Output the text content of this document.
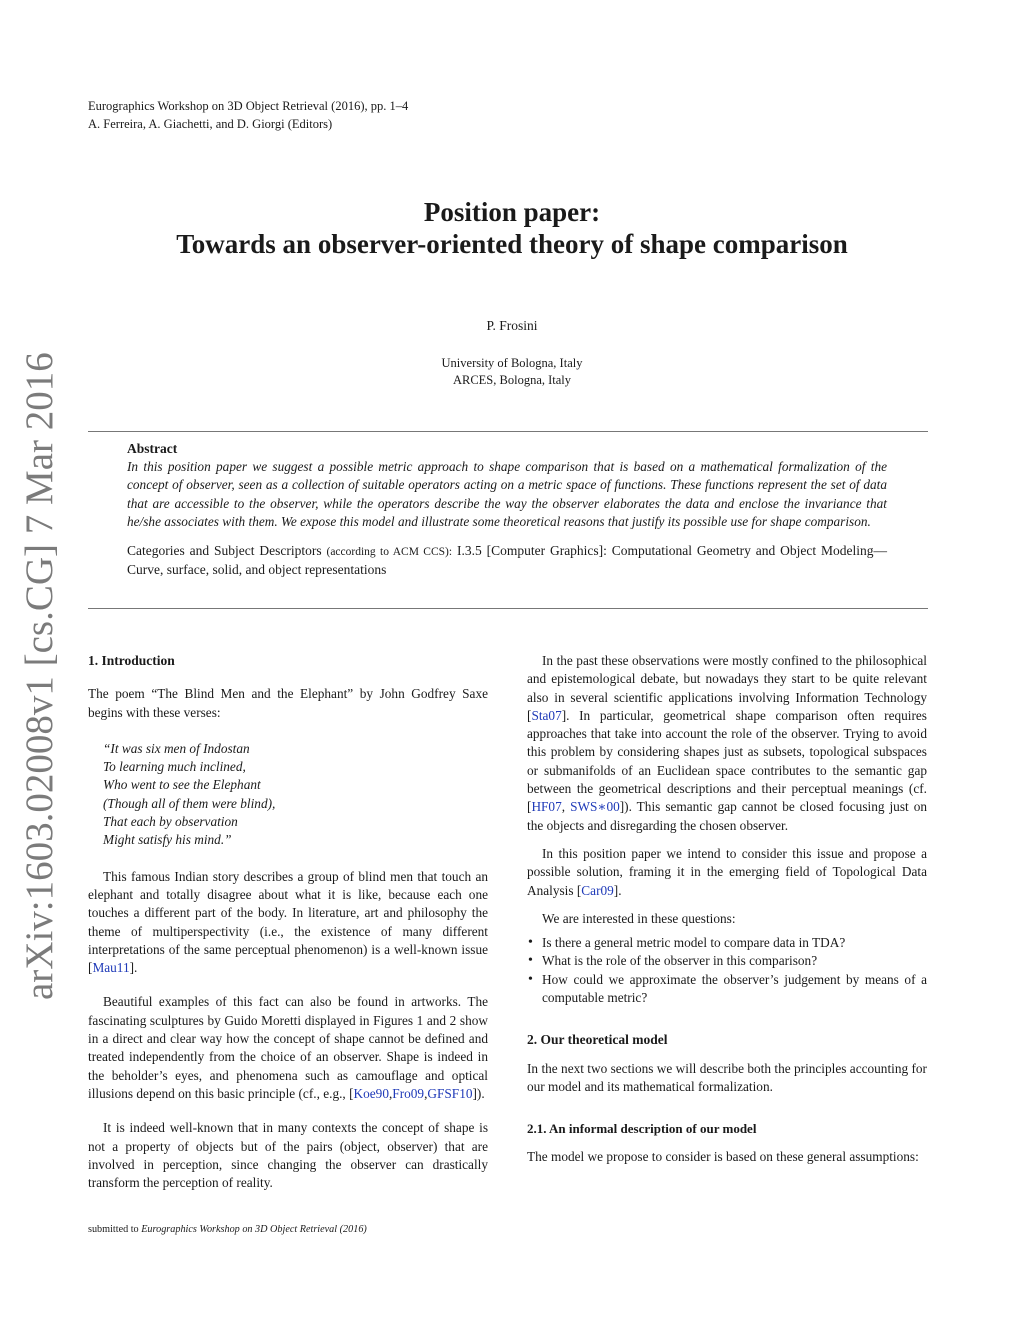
Eurographics Workshop on 3D Object Retrieval (2016), pp. 1–4
A. Ferreira, A. Giachetti, and D. Giorgi (Editors)
Position paper:
Towards an observer-oriented theory of shape comparison
P. Frosini
University of Bologna, Italy
ARCES, Bologna, Italy
Abstract

In this position paper we suggest a possible metric approach to shape comparison that is based on a mathematical formalization of the concept of observer, seen as a collection of suitable operators acting on a metric space of functions. These functions represent the set of data that are accessible to the observer, while the operators describe the way the observer elaborates the data and enclose the invariance that he/she associates with them. We expose this model and illustrate some theoretical reasons that justify its possible use for shape comparison.

Categories and Subject Descriptors (according to ACM CCS): I.3.5 [Computer Graphics]: Computational Geometry and Object Modeling—Curve, surface, solid, and object representations
arXiv:1603.02008v1 [cs.CG] 7 Mar 2016	1. Introduction

The poem “The Blind Men and the Elephant” by John Godfrey Saxe begins with these verses:

“It was six men of Indostan
To learning much inclined,
Who went to see the Elephant
(Though all of them were blind),
That each by observation
Might satisfy his mind.”

This famous Indian story describes a group of blind men that touch an elephant and totally disagree about what it is like, because each one touches a different part of the body. In literature, art and philosophy the theme of multiperspectivity (i.e., the existence of many different interpretations of the same perceptual phenomenon) is a well-known issue [Mau11].

Beautiful examples of this fact can also be found in artworks. The fascinating sculptures by Guido Moretti displayed in Figures 1 and 2 show in a direct and clear way how the concept of shape cannot be defined and treated independently from the choice of an observer. Shape is indeed in the beholder’s eyes, and phenomena such as camouflage and optical illusions depend on this basic principle (cf., e.g., [Koe90,Fro09,GFSF10]).

It is indeed well-known that in many contexts the concept of shape is not a property of objects but of the pairs (object, observer) that are involved in perception, since changing the observer can drastically transform the perception of reality.

In the past these observations were mostly confined to the philosophical and epistemological debate, but nowadays they start to be quite relevant also in several scientific applications involving Information Technology [Sta07]. In particular, geometrical shape comparison often requires approaches that take into account the role of the observer. Trying to avoid this problem by considering shapes just as subsets, topological subspaces or submanifolds of an Euclidean space contributes to the semantic gap between the geometrical descriptions and their perceptual meanings (cf. [HF07, SWS∗00]). This semantic gap cannot be closed focusing just on the objects and disregarding the chosen observer.

In this position paper we intend to consider this issue and propose a possible solution, framing it in the emerging field of Topological Data Analysis [Car09].

We are interested in these questions:

• Is there a general metric model to compare data in TDA?
• What is the role of the observer in this comparison?
• How could we approximate the observer’s judgement by means of a computable metric?
2. Our theoretical model

In the next two sections we will describe both the principles accounting for our model and its mathematical formalization.

2.1. An informal description of our model

The model we propose to consider is based on these general assumptions:

submitted to Eurographics Workshop on 3D Object Retrieval (2016)
